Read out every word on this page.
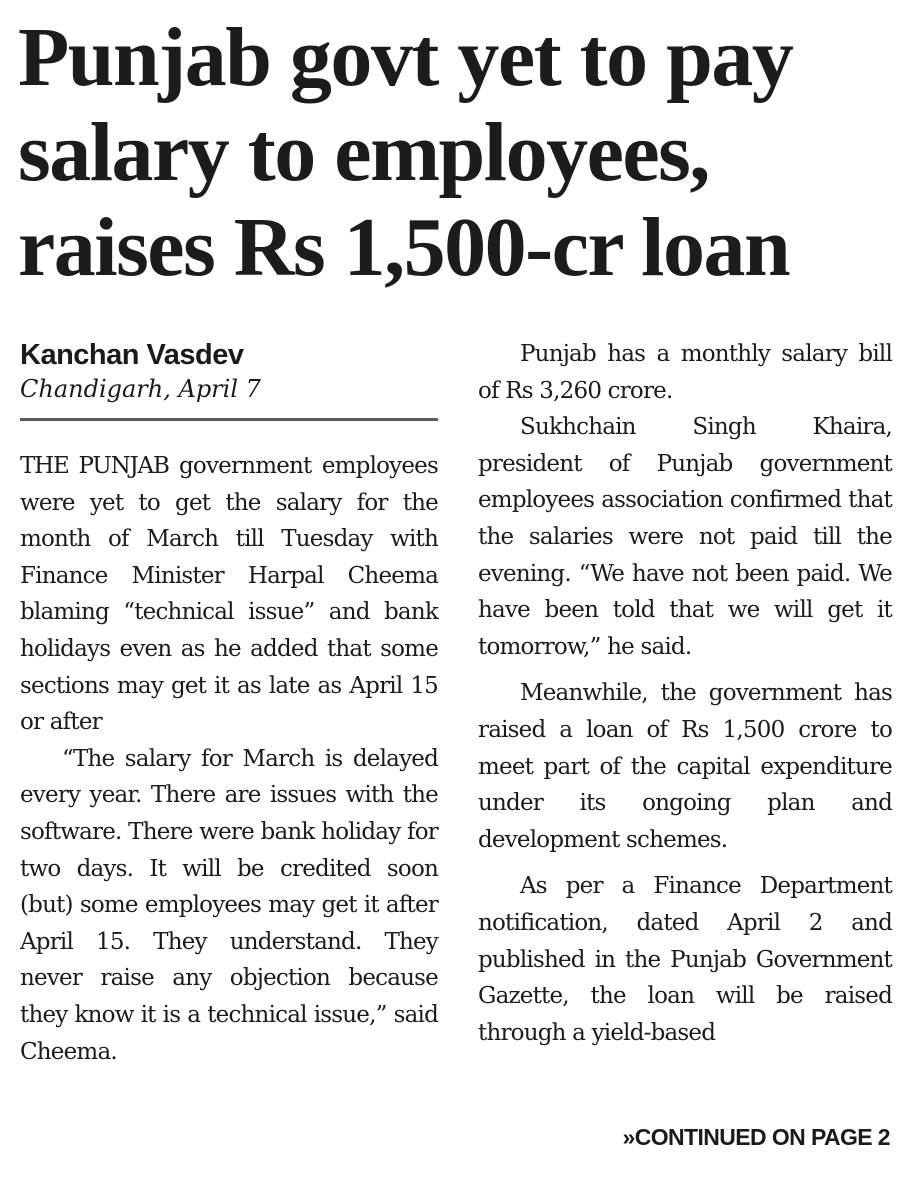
Punjab govt yet to pay salary to employees, raises Rs 1,500-cr loan
Kanchan Vasdev
Chandigarh, April 7

THE PUNJAB government employees were yet to get the salary for the month of March till Tuesday with Finance Minister Harpal Cheema blaming “technical issue” and bank holidays even as he added that some sections may get it as late as April 15 or after

“The salary for March is delayed every year. There are issues with the software. There were bank holiday for two days. It will be credited soon (but) some employees may get it after April 15. They understand. They never raise any objection because they know it is a technical issue,” said Cheema.

Punjab has a monthly salary bill of Rs 3,260 crore.

Sukhchain Singh Khaira, president of Punjab government employees association confirmed that the salaries were not paid till the evening. “We have not been paid. We have been told that we will get it tomorrow,” he said.

Meanwhile, the government has raised a loan of Rs 1,500 crore to meet part of the capital expenditure under its ongoing plan and development schemes.

As per a Finance Department notification, dated April 2 and published in the Punjab Government Gazette, the loan will be raised through a yield-based

»CONTINUED ON PAGE 2
